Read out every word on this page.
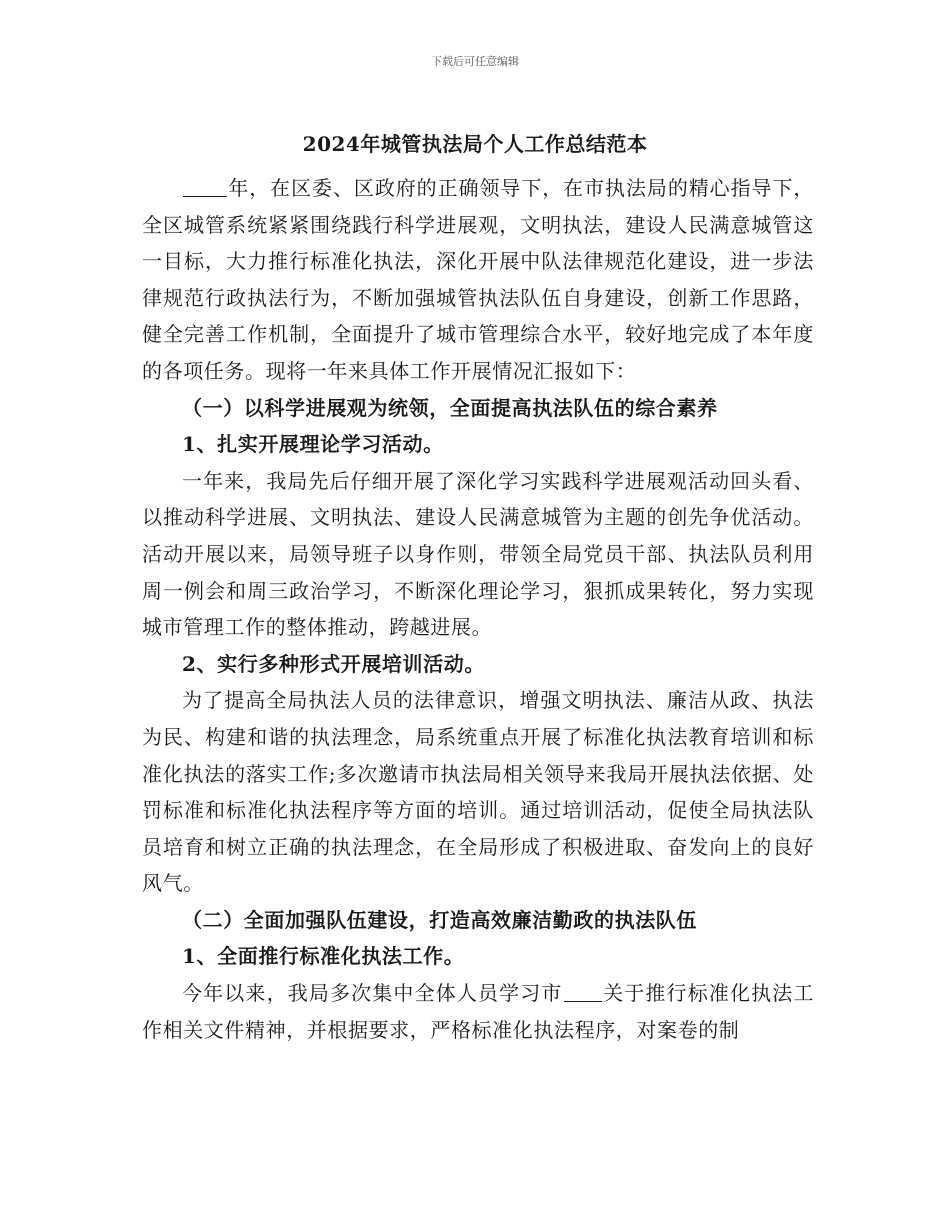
下载后可任意编辑
2024年城管执法局个人工作总结范本

年，在区委、区政府的正确领导下，在市执法局的精心指导下，全区城管系统紧紧围绕践行科学进展观，文明执法，建设人民满意城管这一目标，大力推行标准化执法，深化开展中队法律规范化建设，进一步法律规范行政执法行为，不断加强城管执法队伍自身建设，创新工作思路，健全完善工作机制，全面提升了城市管理综合水平，较好地完成了本年度的各项任务。现将一年来具体工作开展情况汇报如下：

（一）以科学进展观为统领，全面提高执法队伍的综合素养

1、扎实开展理论学习活动。

一年来，我局先后仔细开展了深化学习实践科学进展观活动回头看、以推动科学进展、文明执法、建设人民满意城管为主题的创先争优活动。活动开展以来，局领导班子以身作则，带领全局党员干部、执法队员利用周一例会和周三政治学习，不断深化理论学习，狠抓成果转化，努力实现城市管理工作的整体推动，跨越进展。

2、实行多种形式开展培训活动。

为了提高全局执法人员的法律意识，增强文明执法、廉洁从政、执法为民、构建和谐的执法理念，局系统重点开展了标准化执法教育培训和标准化执法的落实工作;多次邀请市执法局相关领导来我局开展执法依据、处罚标准和标准化执法程序等方面的培训。通过培训活动，促使全局执法队员培育和树立正确的执法理念，在全局形成了积极进取、奋发向上的良好风气。

（二）全面加强队伍建设，打造高效廉洁勤政的执法队伍

1、全面推行标准化执法工作。

今年以来，我局多次集中全体人员学习市 关于推行标准化执法工作相关文件精神，并根据要求，严格标准化执法程序，对案卷的制
